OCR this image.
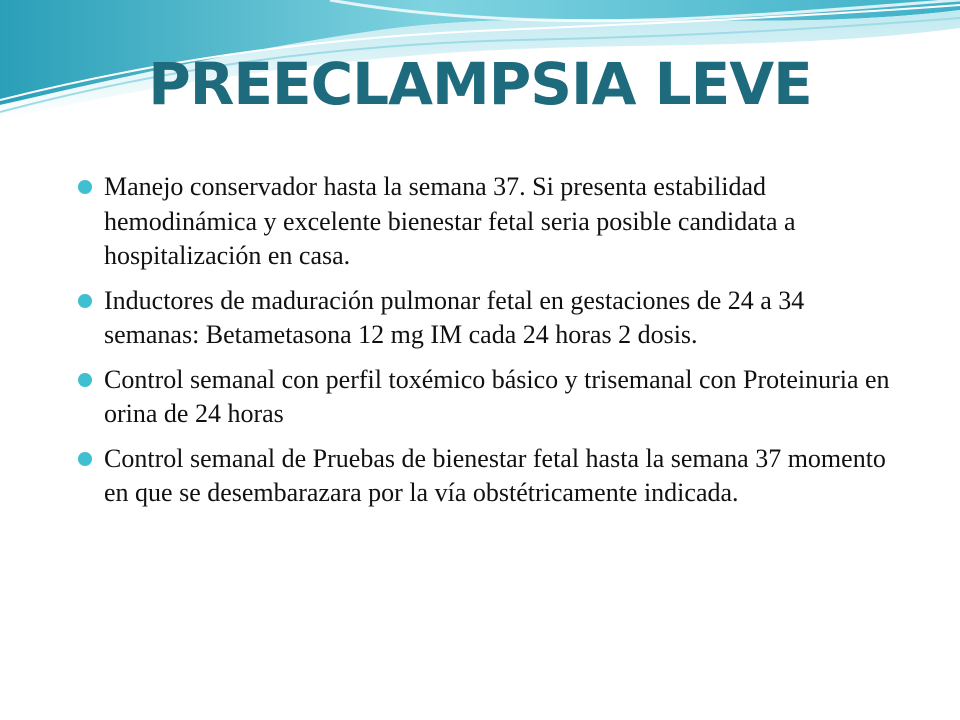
PREECLAMPSIA LEVE
Manejo conservador hasta la semana 37. Si presenta estabilidad hemodinámica y excelente bienestar fetal seria posible candidata a hospitalización en casa.
Inductores de maduración pulmonar fetal en gestaciones de 24 a 34 semanas: Betametasona 12 mg IM cada 24 horas 2 dosis.
Control semanal con perfil toxémico básico y trisemanal con Proteinuria en orina de 24 horas
Control semanal de Pruebas de bienestar fetal hasta la semana 37 momento en que se desembarazara por la vía obstétricamente indicada.
